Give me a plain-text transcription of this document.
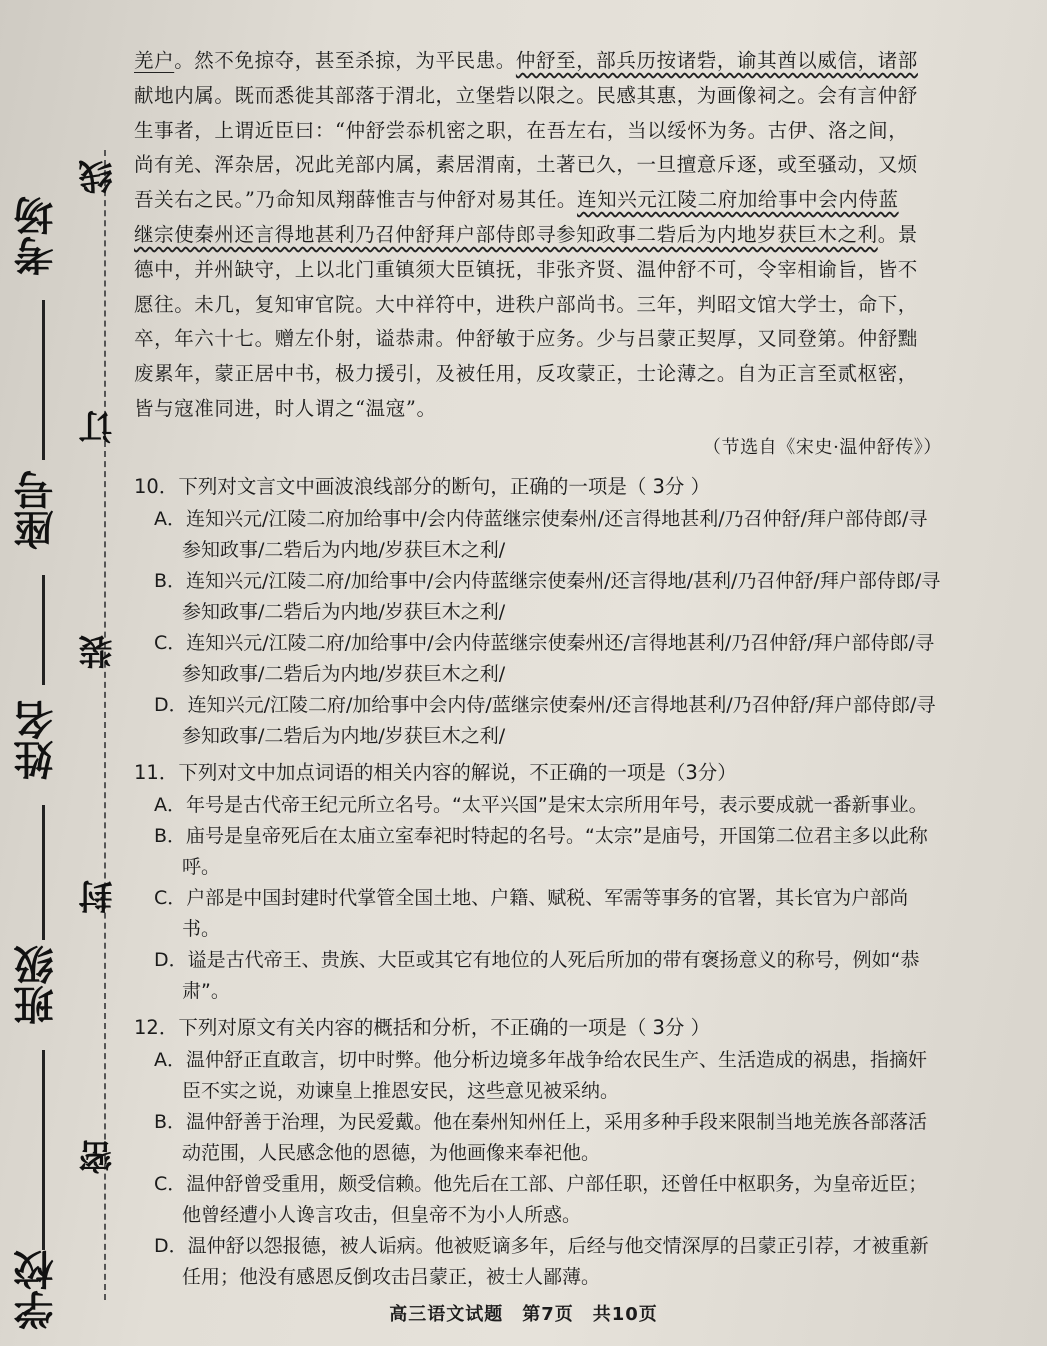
考场
座号
姓名
班级
学校
线
订
装
封
密

羌户。然不免掠夺，甚至杀掠，为平民患。仲舒至，部兵历按诸砦，谕其酋以威信，诸部

献地内属。既而悉徙其部落于渭北，立堡砦以限之。民感其惠，为画像祠之。会有言仲舒

生事者，上谓近臣曰：“仲舒尝忝机密之职，在吾左右，当以绥怀为务。古伊、洛之间，

尚有羌、浑杂居，况此羌部内属，素居渭南，土著已久，一旦擅意斥逐，或至骚动，又烦

吾关右之民。”乃命知凤翔薛惟吉与仲舒对易其任。连知兴元江陵二府加给事中会内侍蓝

继宗使秦州还言得地甚利乃召仲舒拜户部侍郎寻参知政事二砦后为内地岁获巨木之利。景

德中，并州缺守，上以北门重镇须大臣镇抚，非张齐贤、温仲舒不可，令宰相谕旨，皆不

愿往。未几，复知审官院。大中祥符中，进秩户部尚书。三年，判昭文馆大学士，命下，

卒，年六十七。赠左仆射，谥恭肃。仲舒敏于应务。少与吕蒙正契厚，又同登第。仲舒黜

废累年，蒙正居中书，极力援引，及被任用，反攻蒙正，士论薄之。自为正言至贰枢密，

皆与寇准同进，时人谓之“温寇”。

（节选自《宋史·温仲舒传》）
10．下列对文言文中画波浪线部分的断句，正确的一项是（ 3分 ）

A．连知兴元/江陵二府加给事中/会内侍蓝继宗使秦州/还言得地甚利/乃召仲舒/拜户部侍郎/寻参知政事/二砦后为内地/岁获巨木之利/

B．连知兴元/江陵二府/加给事中/会内侍蓝继宗使秦州/还言得地/甚利/乃召仲舒/拜户部侍郎/寻参知政事/二砦后为内地/岁获巨木之利/

C．连知兴元/江陵二府/加给事中/会内侍蓝继宗使秦州还/言得地甚利/乃召仲舒/拜户部侍郎/寻参知政事/二砦后为内地/岁获巨木之利/

D．连知兴元/江陵二府/加给事中会内侍/蓝继宗使秦州/还言得地甚利/乃召仲舒/拜户部侍郎/寻参知政事/二砦后为内地/岁获巨木之利/

11．下列对文中加点词语的相关内容的解说，不正确的一项是（3分）

A．年号是古代帝王纪元所立名号。“太平兴国”是宋太宗所用年号，表示要成就一番新事业。

B．庙号是皇帝死后在太庙立室奉祀时特起的名号。“太宗”是庙号，开国第二位君主多以此称呼。

C．户部是中国封建时代掌管全国土地、户籍、赋税、军需等事务的官署，其长官为户部尚书。

D．谥是古代帝王、贵族、大臣或其它有地位的人死后所加的带有褒扬意义的称号，例如“恭肃”。

12．下列对原文有关内容的概括和分析，不正确的一项是（ 3分 ）

A．温仲舒正直敢言，切中时弊。他分析边境多年战争给农民生产、生活造成的祸患，指摘奸臣不实之说，劝谏皇上推恩安民，这些意见被采纳。

B．温仲舒善于治理，为民爱戴。他在秦州知州任上，采用多种手段来限制当地羌族各部落活动范围，人民感念他的恩德，为他画像来奉祀他。

C．温仲舒曾受重用，颇受信赖。他先后在工部、户部任职，还曾任中枢职务，为皇帝近臣；他曾经遭小人谗言攻击，但皇帝不为小人所惑。

D．温仲舒以怨报德，被人诟病。他被贬谪多年，后经与他交情深厚的吕蒙正引荐，才被重新任用；他没有感恩反倒攻击吕蒙正，被士人鄙薄。

高三语文试题　第7页　共10页
